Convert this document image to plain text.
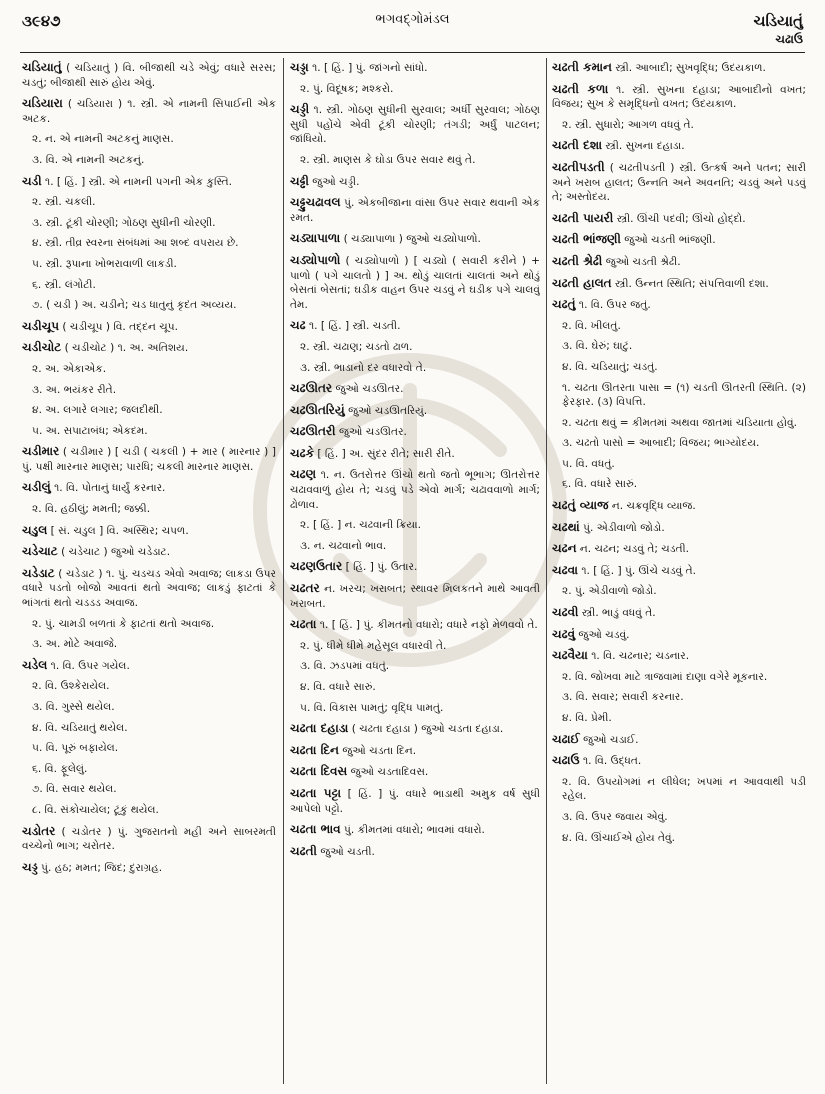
૩૯૪૭	ભગવદ્ગોમંડલ	ચડિયાતું
ચઢાઉ
ચડિયાતું ( ચડિયાતું ) વિ. બીજાથી ચડે એવું; વધારે સરસ; ચડતું; બીજાથી સારું હોય એવું.
ચડિયારા ( ચડિયારા ) ૧. સ્ત્રી. એ નામની સિપાઈની એક અટક.
૨. ન. એ નામની અટકનું માણસ.
૩. વિ. એ નામની અટકનું.
ચડી ૧. [ હિં. ] સ્ત્રી. એ નામની પગની એક કુસ્તિ.
૨. સ્ત્રી. ચકલી.
૩. સ્ત્રી. ટૂંકી ચોરણી; ગોઠણ સુધીની ચોરણી.
૪. સ્ત્રી. તીવ્ર સ્વરના સંબંધમાં આ શબ્દ વપરાય છે.
૫. સ્ત્રી. રૂપાના ખોભરાવાળી લાકડી.
૬. સ્ત્રી. લંગોટી.
૭. ( ચડી ) અ. ચડીને; ચડ ધાતુનું કૃદંત અવ્યય.
ચડીચૂપ ( ચડીચૂપ ) વિ. તદ્દન ચૂપ.
ચડીચોટ ( ચડીચોટ ) ૧. અ. અતિશય.
૨. અ. એકાએક.
૩. અ. ભયંકર રીતે.
૪. અ. લગારે લગાર; જલદીથી.
૫. અ. સપાટાબંધ; એકદમ.
ચડીમાર ( ચડીમાર ) [ ચડી ( ચકલી ) + માર ( મારનાર ) ] પું. પક્ષી મારનાર માણસ; પારધિ; ચકલી મારનાર માણસ.
ચડીલું ૧. વિ. પોતાનું ધાર્યું કરનાર.
૨. વિ. હઠીલું; મમતી; જક્કી.
ચડુલ [ સં. ચડુલ ] વિ. અસ્થિર; ચપળ.
ચડેચાટ ( ચડેચાટ ) જુઓ ચડેડાટ.
ચડેડાટ ( ચડેડાટ ) ૧. પું. ચડચડ એવો અવાજ; લાકડા ઉપર વધારે પડતો બોજો આવતાં થતો અવાજ; લાકડું ફાટતાં કે ભાંગતાં થતો ચડડડ અવાજ.
૨. પું. ચામડી બળતાં કે ફાટતાં થતો અવાજ.
૩. અ. મોટે અવાજે.
ચડેલ ૧. વિ. ઉપર ગયેલ.
૨. વિ. ઉશ્કેરાયેલ.
૩. વિ. ગુસ્સે થયેલ.
૪. વિ. ચડિયાતું થયેલ.
૫. વિ. પૂરું બફાયેલ.
૬. વિ. ફૂલેલું.
૭. વિ. સવાર થયેલ.
૮. વિ. સંકોચાયેલ; ટૂંકું થયેલ.
ચડોતર ( ચડોતર ) પું. ગુજરાતનો મહી અને સાબરમતી વચ્ચેનો ભાગ; ચરોતર.
ચડ્ડ પું. હઠ; મમત; જિદ; દુરાગ્રહ.
ચડ્ડા ૧. [ હિં. ] પું. જાંગનો સાંધો.
૨. પું. વિદૂષક; મશ્કરો.
ચડ્ડી ૧. સ્ત્રી. ગોઠણ સુધીની સુરવાલ; અર્ધી સુરવાલ; ગોઠણ સુધી પહોંચે એવી ટૂંકી ચોરણી; તંગડી; અર્ધું પાટલન; જાંધિયો.
૨. સ્ત્રી. માણસ કે ઘોડા ઉપર સવાર થવું તે.
ચઢ્ઢી જુઓ ચડ્ડી.
ચઢ્ઢુચઢાવલ પું. એકબીજાના વાંસા ઉપર સવાર થવાની એક રમત.
ચડ્યાપાળા ( ચડ્યાપાળા ) જુઓ ચડ્યોપાળો.
ચડ્યોપાળો ( ચડ્યોપાળો ) [ ચડ્યો ( સવારી કરીને ) + પાળો ( પગે ચાલતો ) ] અ. થોડું ચાલતાં ચાલતાં અને થોડું બેસતાં બેસતાં; ઘડીક વાહન ઉપર ચડવું ને ઘડીક પગે ચાલવું તેમ.
ચઢ ૧. [ હિં. ] સ્ત્રી. ચડતી.
૨. સ્ત્રી. ચઢાણ; ચડતો ઢાળ.
૩. સ્ત્રી. ભાડાનો દર વધારવો તે.
ચઢઊતર જુઓ ચડઊતર.
ચઢઊતરિયું જુઓ ચડઊતરિયું.
ચઢઊતરી જુઓ ચડઊતર.
ચઢકે [ હિં. ] અ. સુંદર રીતે; સારી રીતે.
ચઢણ ૧. ન. ઉતરોત્તર ઊંચો થતો જતો ભૂભાગ; ઊતરોત્તર ચઢાવવાળું હોય તે; ચડવું પડે એવો માર્ગ; ચઢાવવાળો માર્ગ; ઢોળાવ.
૨. [ હિં. ] ન. ચઢવાની ક્રિયા.
૩. ન. ચઢવાનો ભાવ.
ચઢણઉતાર [ હિં. ] પું. ઉતાર.
ચઢતર ન. ખરચ; ખરાબત; સ્થાવર મિલકતને માથે આવતી ખરાબત.
ચઢતા ૧. [ હિં. ] પું. કીમતનો વધારો; વધારે નફો મેળવવો તે.
૨. પું. ધીમે ધીમે મહેસૂલ વધારવી તે.
૩. વિ. ઝડપમાં વધતું.
૪. વિ. વધારે સારું.
૫. વિ. વિકાસ પામતું; વૃદ્ધિ પામતું.
ચઢતા દહાડા ( ચઢતા દહાડા ) જુઓ ચડતા દહાડા.
ચઢતા દિન જુઓ ચડતા દિન.
ચઢતા દિવસ જુઓ ચડતાદિવસ.
ચઢતા પટ્ટા [ હિં. ] પું. વધારે ભાડાથી અમુક વર્ષ સુધી આપેલો પટ્ટો.
ચઢતા ભાવ પું. કીમતમાં વધારો; ભાવમાં વધારો.
ચઢતી જુઓ ચડતી.
ચઢતી કમાન સ્ત્રી. આબાદી; સુખવૃદ્ધિ; ઉદયકાળ.
ચઢતી કળા ૧. સ્ત્રી. સુખના દહાડા; આબાદીનો વખત; વિજય; સુખ કે સમૃદ્ધિનો વખત; ઉદયકાળ.
૨. સ્ત્રી. સુધારો; આગળ વધવું તે.
ચઢતી દશા સ્ત્રી. સુખના દહાડા.
ચઢતીપડતી ( ચઢતીપડતી ) સ્ત્રી. ઉત્કર્ષ અને પતન; સારી અને ખરાબ હાલત; ઉન્નતિ અને અવનતિ; ચડવું અને પડવું તે; અસ્તોદય.
ચઢતી પાયરી સ્ત્રી. ઊંચી પદવી; ઊંચો હોદ્દો.
ચઢતી ભાંજણી જુઓ ચડતી ભાંજણી.
ચઢતી શ્રેઢી જુઓ ચડતી શ્રેઢી.
ચઢતી હાલત સ્ત્રી. ઉન્નત સ્થિતિ; સંપત્તિવાળી દશા.
ચઢતું ૧. વિ. ઉપર જતું.
૨. વિ. ખીલતું.
૩. વિ. ઘેરું; ઘાટું.
૪. વિ. ચડિયાતું; ચડતું.
૧. ચઢતા ઊતરતા પાસા = (૧) ચડતી ઊતરતી સ્થિતિ. (૨) ફેરફાર. (૩) વિપત્તિ.
૨. ચઢતા થવું = કીમતમાં અથવા જાતમાં ચડિયાતા હોવું.
૩. ચઢતો પાસો = આબાદી; વિજય; ભાગ્યોદય.
૫. વિ. વધતું.
૬. વિ. વધારે સારું.
ચઢતું વ્યાજ ન. ચક્રવૃદ્ધિ વ્યાજ.
ચઢથાં પું. એડીવાળો જોડો.
ચઢન ન. ચઢન; ચડવું તે; ચડતી.
ચઢવા ૧. [ હિં. ] પું. ઊંચે ચડવું તે.
૨. પું. એડીવાળો જોડો.
ચઢવી સ્ત્રી. ભાડું વધવું તે.
ચઢવું જુઓ ચડવું.
ચઢવૈયા ૧. વિ. ચઢનાર; ચડનાર.
૨. વિ. જોખવા માટે ત્રાજવામાં દાણા વગેરે મૂકનાર.
૩. વિ. સવાર; સવારી કરનાર.
૪. વિ. પ્રેમી.
ચઢાઈ જુઓ ચડાઈ.
ચઢાઉ ૧. વિ. ઉદ્ધત.
૨. વિ. ઉપયોગમાં ન લીધેલ; ખપમાં ન આવવાથી પડી રહેલ.
૩. વિ. ઉપર જવાય એવું.
૪. વિ. ઊંચાઈએ હોય તેવું.
